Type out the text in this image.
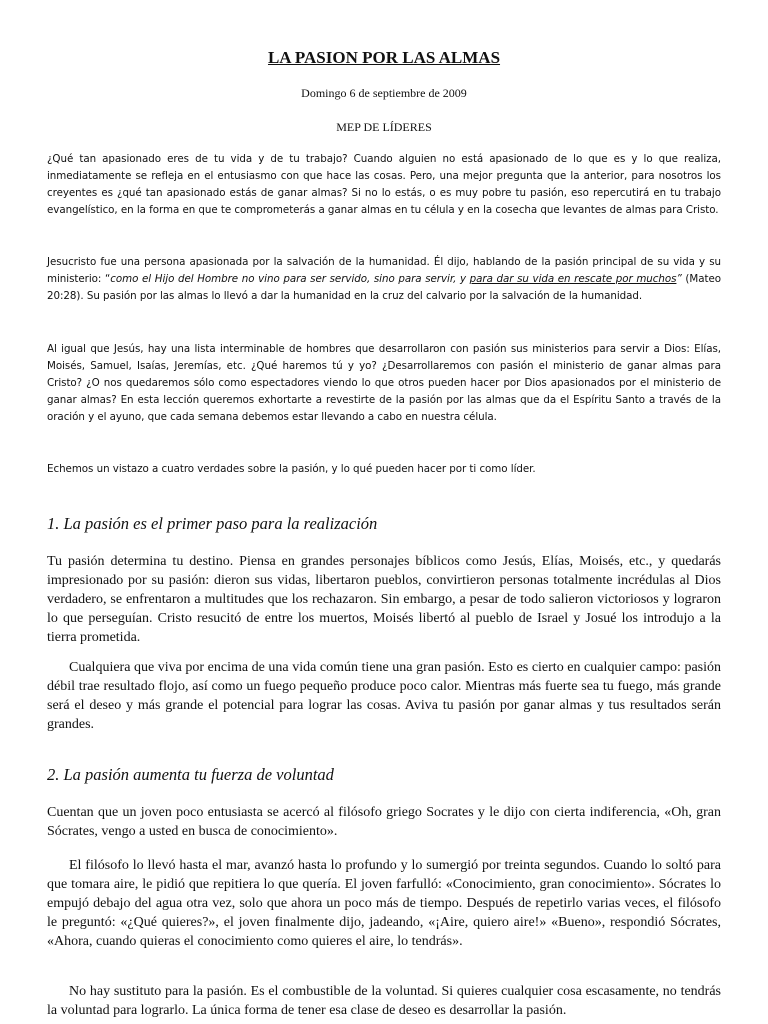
LA PASION POR LAS ALMAS
Domingo 6 de septiembre de 2009
MEP DE LÍDERES
¿Qué tan apasionado eres de tu vida y de tu trabajo? Cuando alguien no está apasionado de lo que es y lo que realiza, inmediatamente se refleja en el entusiasmo con que hace las cosas. Pero, una mejor pregunta que la anterior, para nosotros los creyentes es ¿qué tan apasionado estás de ganar almas? Si no lo estás, o es muy pobre tu pasión, eso repercutirá en tu trabajo evangelístico, en la forma en que te comprometerás a ganar almas en tu célula y en la cosecha que levantes de almas para Cristo.
Jesucristo fue una persona apasionada por la salvación de la humanidad. Él dijo, hablando de la pasión principal de su vida y su ministerio: “como el Hijo del Hombre no vino para ser servido, sino para servir, y para dar su vida en rescate por muchos” (Mateo 20:28). Su pasión por las almas lo llevó a dar la humanidad en la cruz del calvario por la salvación de la humanidad.
Al igual que Jesús, hay una lista interminable de hombres que desarrollaron con pasión sus ministerios para servir a Dios: Elías, Moisés, Samuel, Isaías, Jeremías, etc. ¿Qué haremos tú y yo? ¿Desarrollaremos con pasión el ministerio de ganar almas para Cristo? ¿O nos quedaremos sólo como espectadores viendo lo que otros pueden hacer por Dios apasionados por el ministerio de ganar almas? En esta lección queremos exhortarte a revestirte de la pasión por las almas que da el Espíritu Santo a través de la oración y el ayuno, que cada semana debemos estar llevando a cabo en nuestra célula.
Echemos un vistazo a cuatro verdades sobre la pasión, y lo qué pueden hacer por ti como líder.
1. La pasión es el primer paso para la realización
Tu pasión determina tu destino. Piensa en grandes personajes bíblicos como Jesús, Elías, Moisés, etc., y quedarás impresionado por su pasión: dieron sus vidas, libertaron pueblos, convirtieron personas totalmente incrédulas al Dios verdadero, se enfrentaron a multitudes que los rechazaron. Sin embargo, a pesar de todo salieron victoriosos y lograron lo que perseguían. Cristo resucitó de entre los muertos, Moisés libertó al pueblo de Israel y Josué los introdujo a la tierra prometida.
Cualquiera que viva por encima de una vida común tiene una gran pasión. Esto es cierto en cualquier campo: pasión débil trae resultado flojo, así como un fuego pequeño produce poco calor. Mientras más fuerte sea tu fuego, más grande será el deseo y más grande el potencial para lograr las cosas. Aviva tu pasión por ganar almas y tus resultados serán grandes.
2. La pasión aumenta tu fuerza de voluntad
Cuentan que un joven poco entusiasta se acercó al filósofo griego Socrates y le dijo con cierta indiferencia, «Oh, gran Sócrates, vengo a usted en busca de conocimiento».
El filósofo lo llevó hasta el mar, avanzó hasta lo profundo y lo sumergió por treinta segundos. Cuando lo soltó para que tomara aire, le pidió que repitiera lo que quería. El joven farfulló: «Conocimiento, gran conocimiento». Sócrates lo empujó debajo del agua otra vez, solo que ahora un poco más de tiempo. Después de repetirlo varias veces, el filósofo le preguntó: «¿Qué quieres?», el joven finalmente dijo, jadeando, «¡Aire, quiero aire!» «Bueno», respondió Sócrates, «Ahora, cuando quieras el conocimiento como quieres el aire, lo tendrás».
No hay sustituto para la pasión. Es el combustible de la voluntad. Si quieres cualquier cosa escasamente, no tendrás la voluntad para lograrlo. La única forma de tener esa clase de deseo es desarrollar la pasión.
